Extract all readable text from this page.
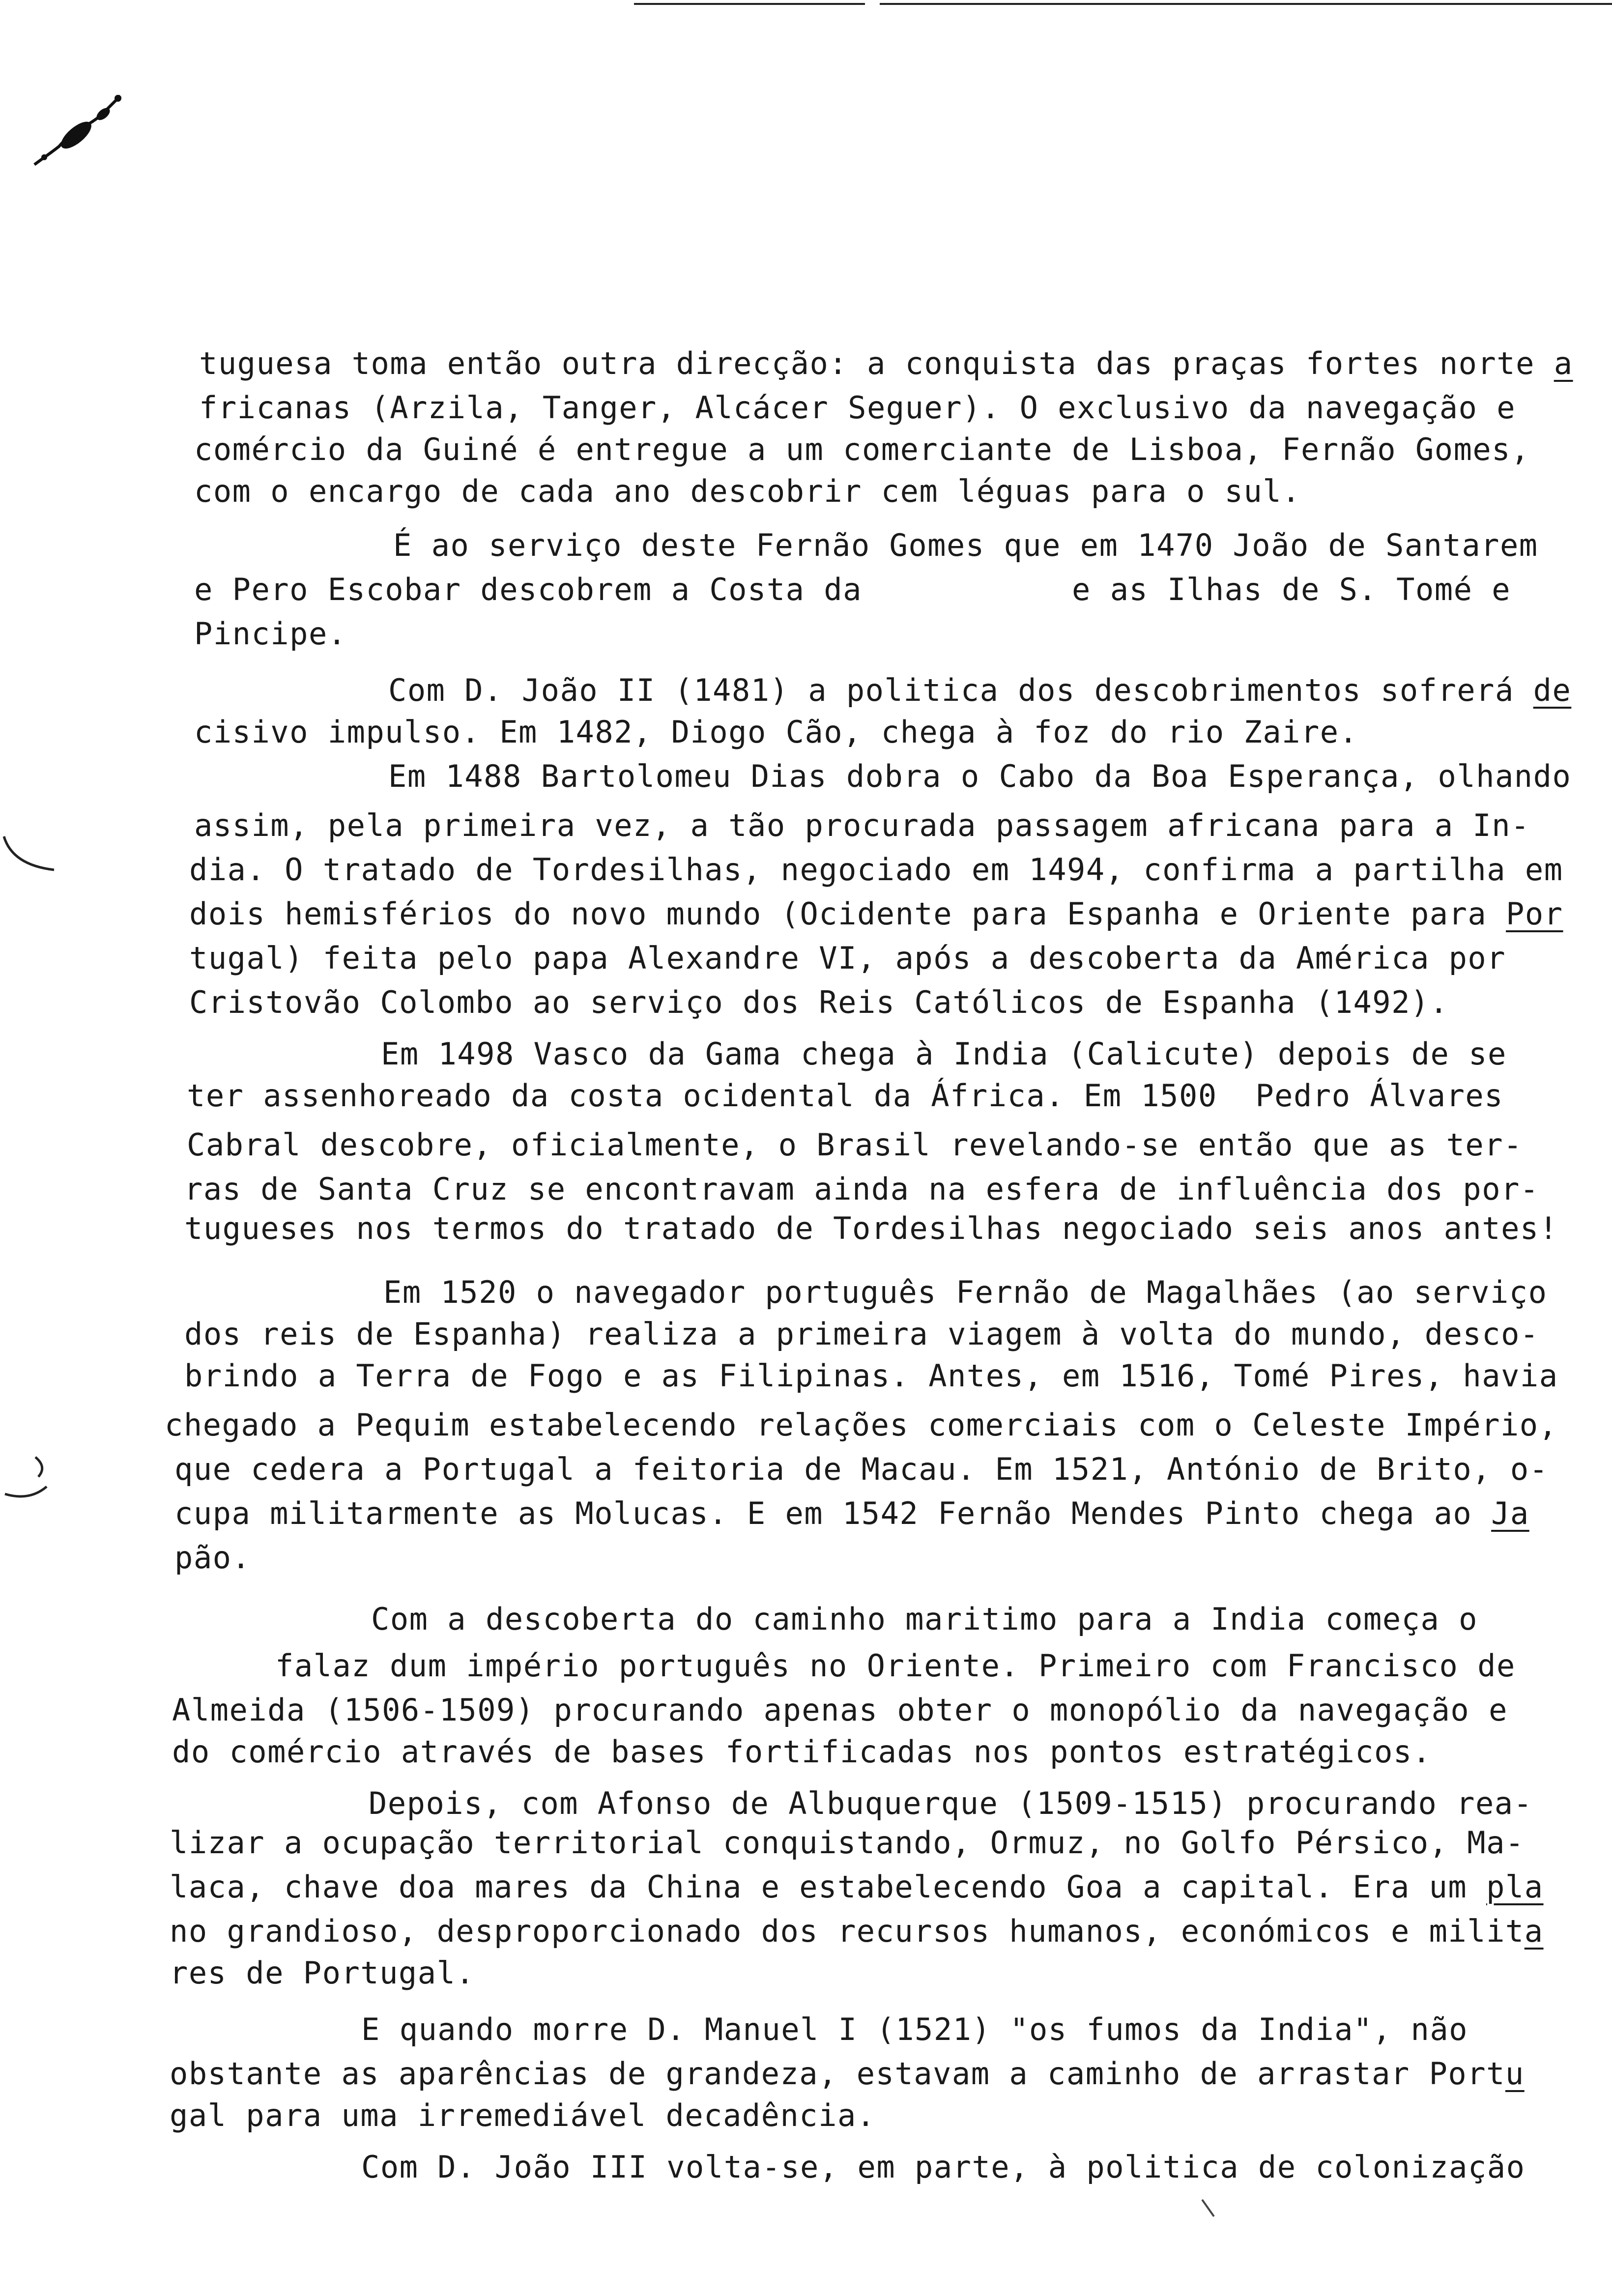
tuguesa toma então outra direcção: a conquista das praças fortes norte a
fricanas (Arzila, Tanger, Alcácer Seguer). O exclusivo da navegação e
comércio da Guiné é entregue a um comerciante de Lisboa, Fernão Gomes,
com o encargo de cada ano descobrir cem léguas para o sul.
É ao serviço deste Fernão Gomes que em 1470 João de Santarem
e Pero Escobar descobrem a Costa da           e as Ilhas de S. Tomé e
Pincipe.
Com D. João II (1481) a politica dos descobrimentos sofrerá de
cisivo impulso. Em 1482, Diogo Cão, chega à foz do rio Zaire.
Em 1488 Bartolomeu Dias dobra o Cabo da Boa Esperança, olhando
assim, pela primeira vez, a tão procurada passagem africana para a In-
dia. O tratado de Tordesilhas, negociado em 1494, confirma a partilha em
dois hemisférios do novo mundo (Ocidente para Espanha e Oriente para Por
tugal) feita pelo papa Alexandre VI, após a descoberta da América por
Cristovão Colombo ao serviço dos Reis Católicos de Espanha (1492).
Em 1498 Vasco da Gama chega à India (Calicute) depois de se
ter assenhoreado da costa ocidental da África. Em 1500  Pedro Álvares
Cabral descobre, oficialmente, o Brasil revelando-se então que as ter-
ras de Santa Cruz se encontravam ainda na esfera de influência dos por-
tugueses nos termos do tratado de Tordesilhas negociado seis anos antes!
Em 1520 o navegador português Fernão de Magalhães (ao serviço
dos reis de Espanha) realiza a primeira viagem à volta do mundo, desco-
brindo a Terra de Fogo e as Filipinas. Antes, em 1516, Tomé Pires, havia
chegado a Pequim estabelecendo relações comerciais com o Celeste Império,
que cedera a Portugal a feitoria de Macau. Em 1521, António de Brito, o-
cupa militarmente as Molucas. E em 1542 Fernão Mendes Pinto chega ao Ja
pão.
Com a descoberta do caminho maritimo para a India começa o
falaz dum império português no Oriente. Primeiro com Francisco de
Almeida (1506-1509) procurando apenas obter o monopólio da navegação e
do comércio através de bases fortificadas nos pontos estratégicos.
Depois, com Afonso de Albuquerque (1509-1515) procurando rea-
lizar a ocupação territorial conquistando, Ormuz, no Golfo Pérsico, Ma-
laca, chave doa mares da China e estabelecendo Goa a capital. Era um pla
no grandioso, desproporcionado dos recursos humanos, económicos e milita
res de Portugal.
E quando morre D. Manuel I (1521) "os fumos da India", não
obstante as aparências de grandeza, estavam a caminho de arrastar Portu
gal para uma irremediável decadência.
Com D. João III volta-se, em parte, à politica de colonização
